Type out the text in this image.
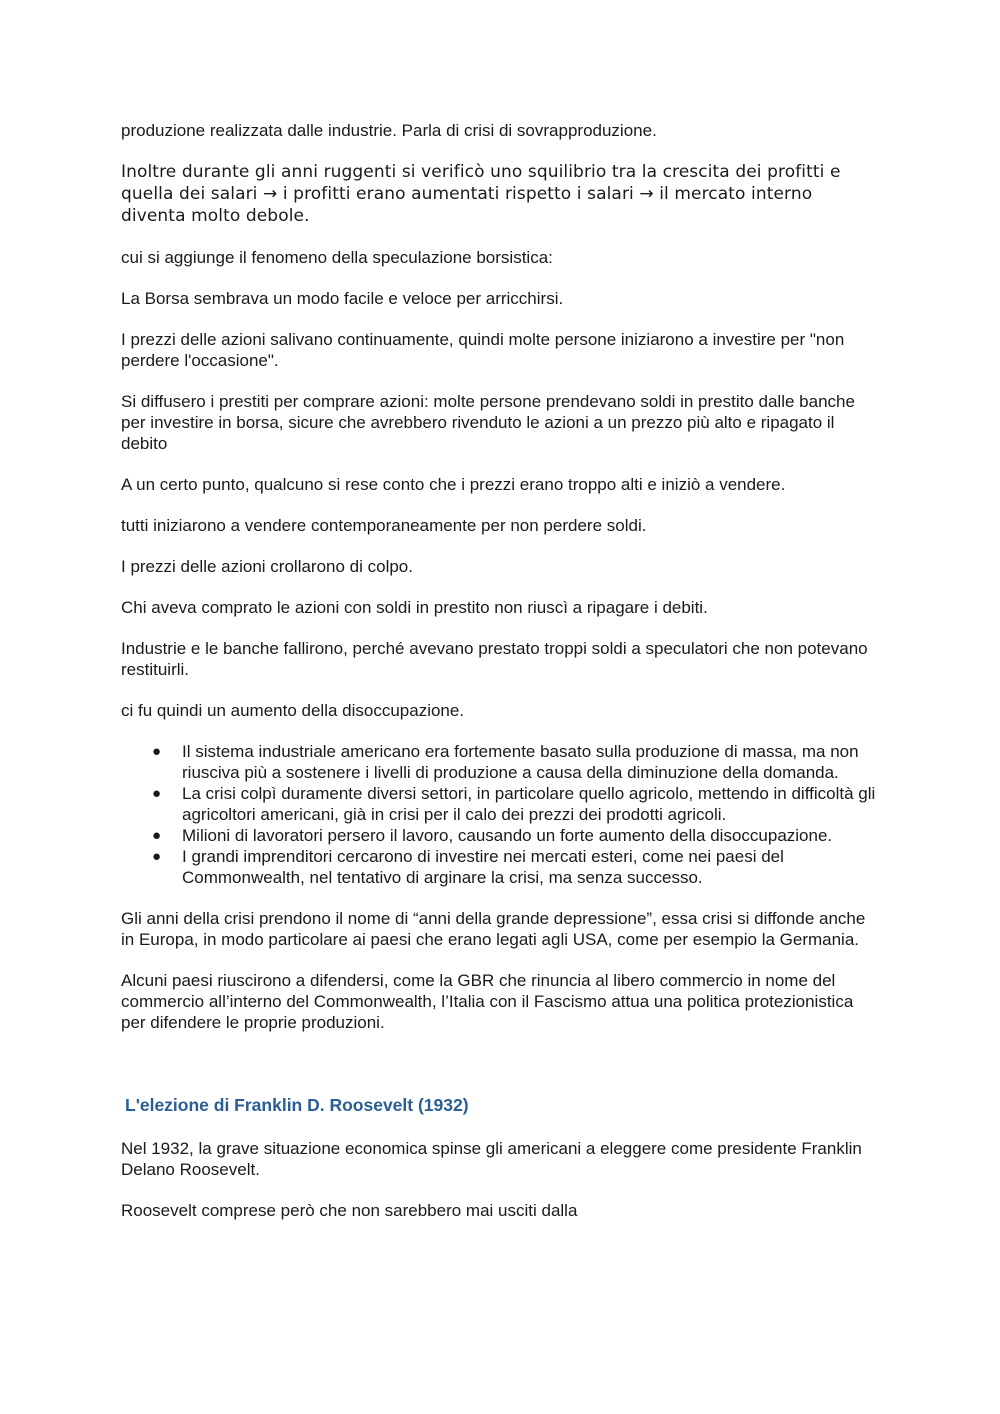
produzione realizzata dalle industrie. Parla di crisi di sovrapproduzione.

Inoltre durante gli anni ruggenti si verificò uno squilibrio tra la crescita dei profitti e quella dei salari → i profitti erano aumentati rispetto i salari → il mercato interno diventa molto debole.

cui si aggiunge il fenomeno della speculazione borsistica:

La Borsa sembrava un modo facile e veloce per arricchirsi.

I prezzi delle azioni salivano continuamente, quindi molte persone iniziarono a investire per "non perdere l'occasione".

Si diffusero i prestiti per comprare azioni: molte persone prendevano soldi in prestito dalle banche per investire in borsa, sicure che avrebbero rivenduto le azioni a un prezzo più alto e ripagato il debito

A un certo punto, qualcuno si rese conto che i prezzi erano troppo alti e iniziò a vendere.

tutti iniziarono a vendere contemporaneamente per non perdere soldi.

I prezzi delle azioni crollarono di colpo.

Chi aveva comprato le azioni con soldi in prestito non riuscì a ripagare i debiti.

Industrie e le banche fallirono, perché avevano prestato troppi soldi a speculatori che non potevano restituirli.

ci fu quindi un aumento della disoccupazione.

● Il sistema industriale americano era fortemente basato sulla produzione di massa, ma non riusciva più a sostenere i livelli di produzione a causa della diminuzione della domanda.
● La crisi colpì duramente diversi settori, in particolare quello agricolo, mettendo in difficoltà gli agricoltori americani, già in crisi per il calo dei prezzi dei prodotti agricoli.
● Milioni di lavoratori persero il lavoro, causando un forte aumento della disoccupazione.
● I grandi imprenditori cercarono di investire nei mercati esteri, come nei paesi del Commonwealth, nel tentativo di arginare la crisi, ma senza successo.

Gli anni della crisi prendono il nome di “anni della grande depressione”, essa crisi si diffonde anche in Europa, in modo particolare ai paesi che erano legati agli USA, come per esempio la Germania.

Alcuni paesi riuscirono a difendersi, come la GBR che rinuncia al libero commercio in nome del commercio all’interno del Commonwealth, l’Italia con il Fascismo attua una politica protezionistica per difendere le proprie produzioni.

L'elezione di Franklin D. Roosevelt (1932)

Nel 1932, la grave situazione economica spinse gli americani a eleggere come presidente Franklin Delano Roosevelt.

Roosevelt comprese però che non sarebbero mai usciti dalla
